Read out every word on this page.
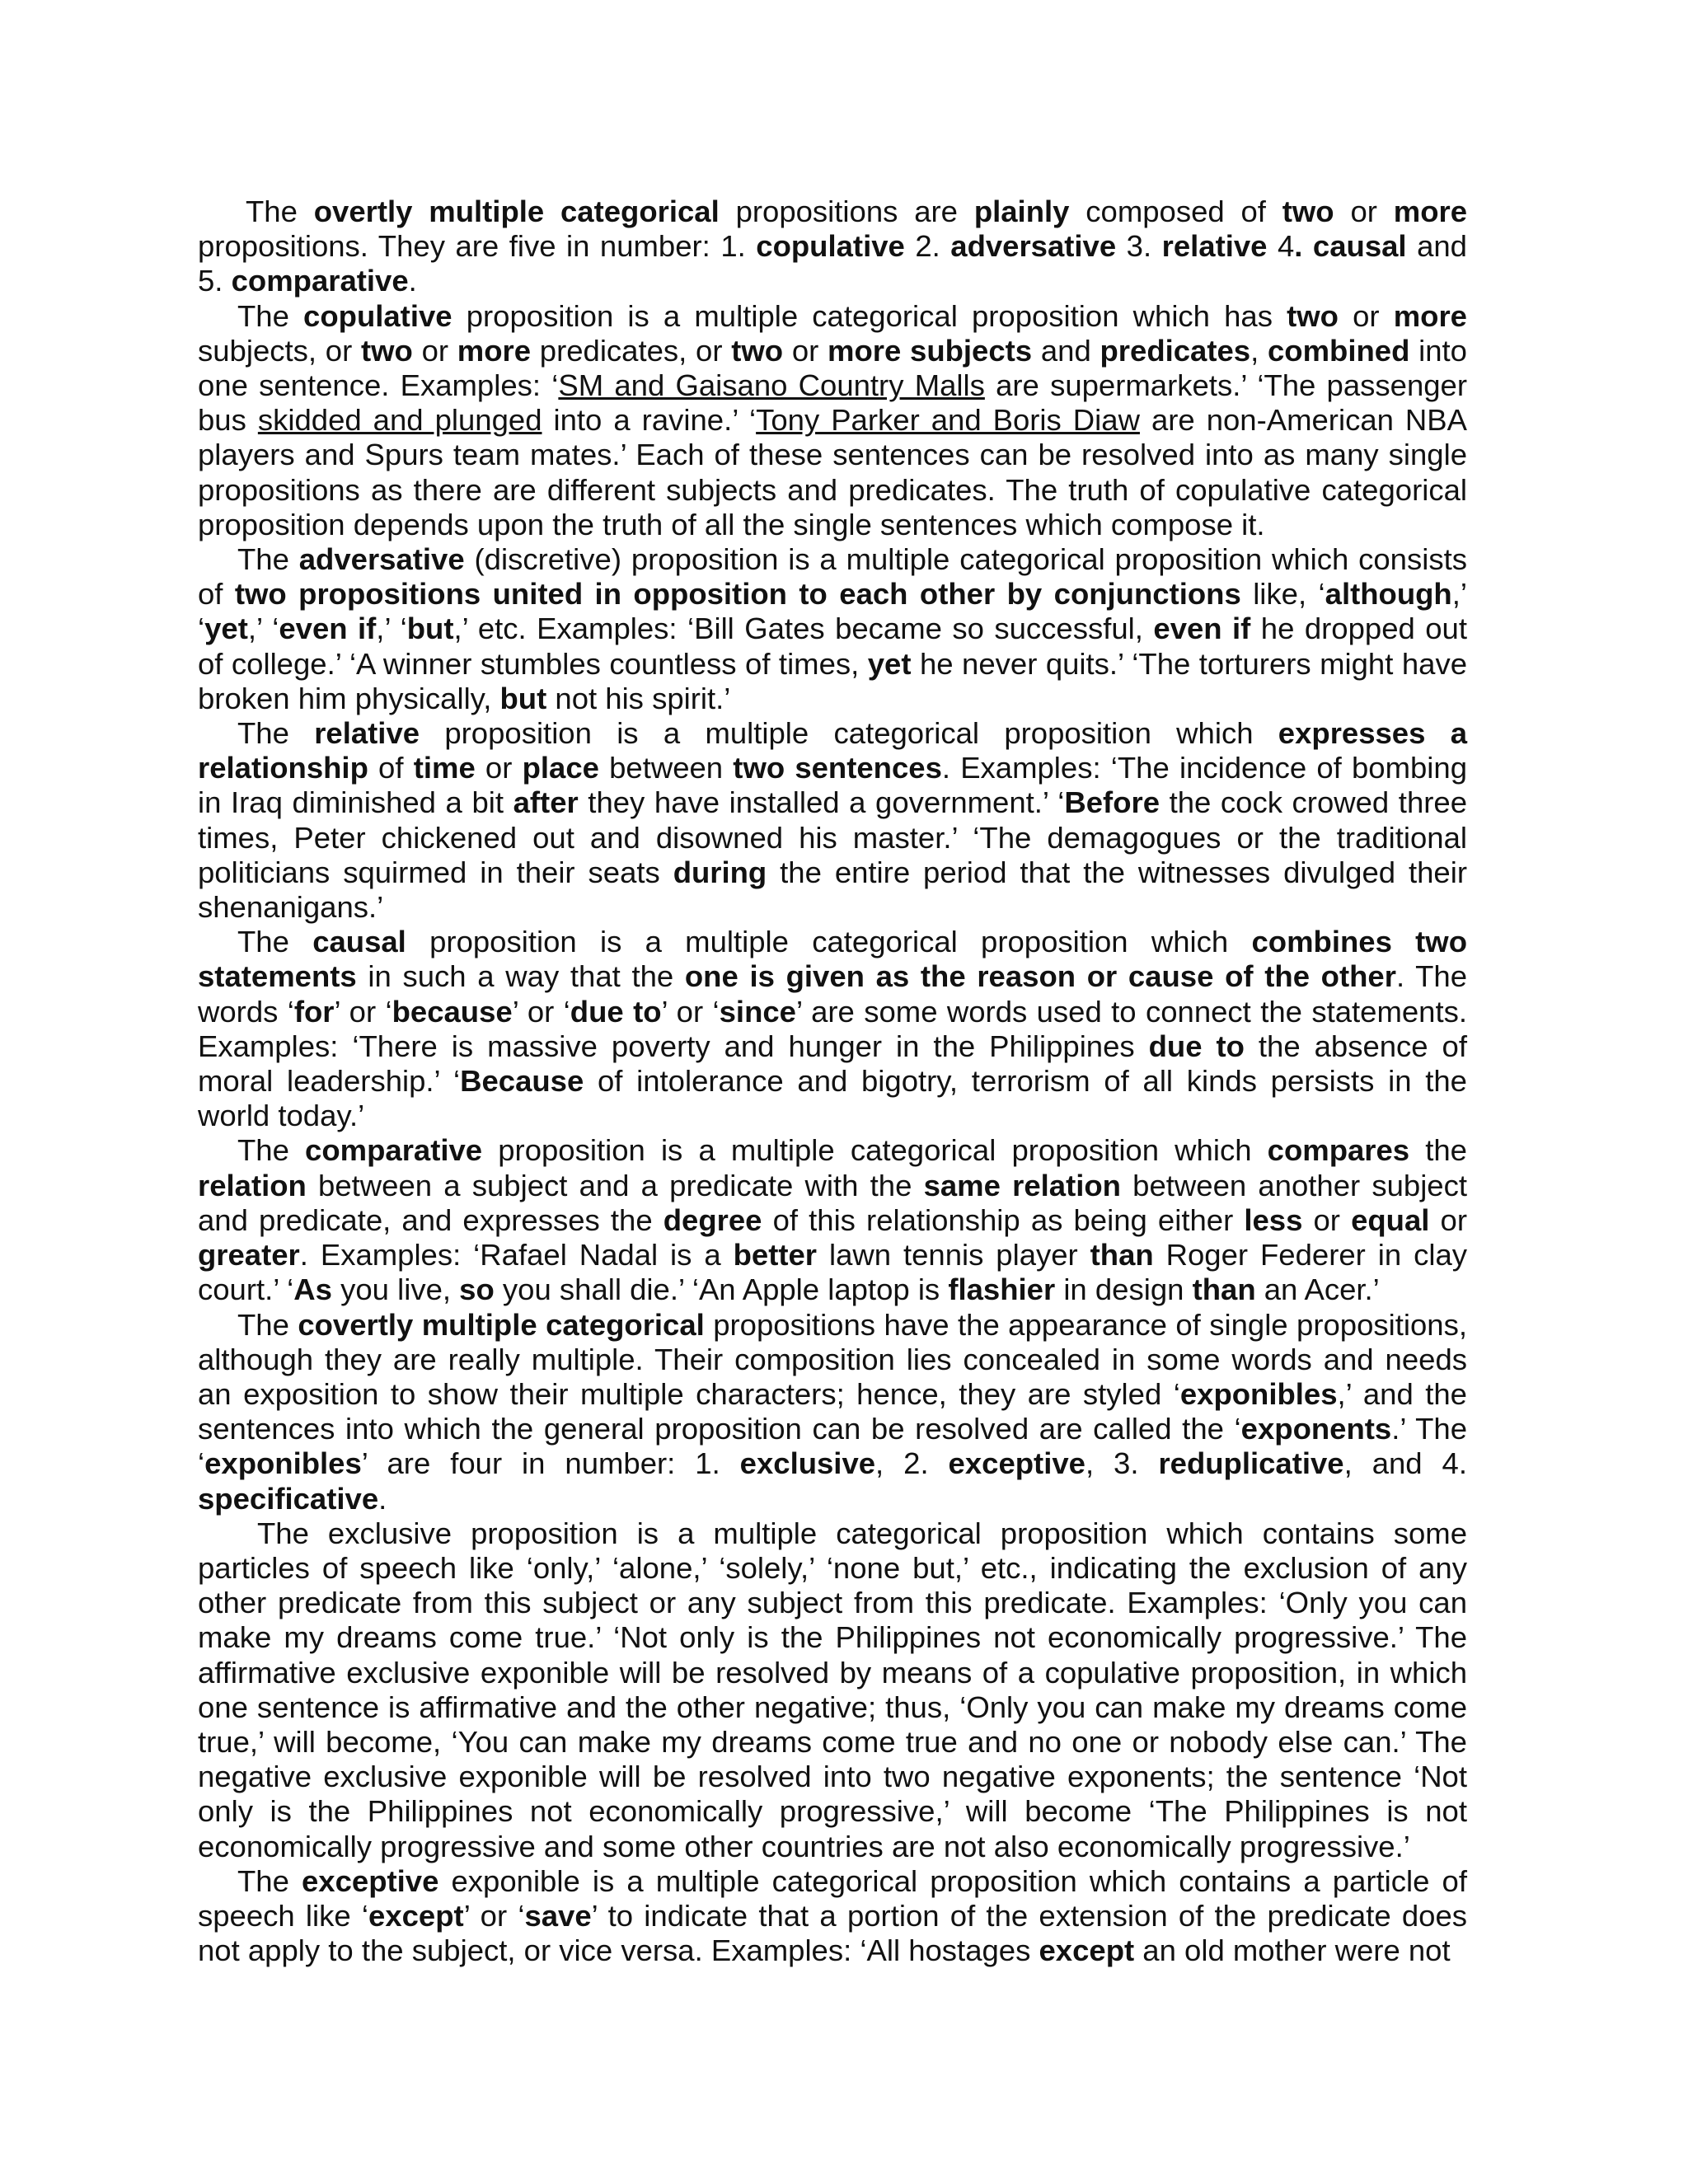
The overtly multiple categorical propositions are plainly composed of two or more propositions. They are five in number: 1. copulative 2. adversative 3. relative 4. causal and 5. comparative.

The copulative proposition is a multiple categorical proposition which has two or more subjects, or two or more predicates, or two or more subjects and predicates, combined into one sentence. Examples: ‘SM and Gaisano Country Malls are supermarkets.’ ‘The passenger bus skidded and plunged into a ravine.’ ‘Tony Parker and Boris Diaw are non-American NBA players and Spurs team mates.’ Each of these sentences can be resolved into as many single propositions as there are different subjects and predicates. The truth of copulative categorical proposition depends upon the truth of all the single sentences which compose it.

The adversative (discretive) proposition is a multiple categorical proposition which consists of two propositions united in opposition to each other by conjunctions like, ‘although,’ ‘yet,’ ‘even if,’ ‘but,’ etc. Examples: ‘Bill Gates became so successful, even if he dropped out of college.’ ‘A winner stumbles countless of times, yet he never quits.’ ‘The torturers might have broken him physically, but not his spirit.’

The relative proposition is a multiple categorical proposition which expresses a relationship of time or place between two sentences. Examples: ‘The incidence of bombing in Iraq diminished a bit after they have installed a government.’ ‘Before the cock crowed three times, Peter chickened out and disowned his master.’ ‘The demagogues or the traditional politicians squirmed in their seats during the entire period that the witnesses divulged their shenanigans.’

The causal proposition is a multiple categorical proposition which combines two statements in such a way that the one is given as the reason or cause of the other. The words ‘for’ or ‘because’ or ‘due to’ or ‘since’ are some words used to connect the statements. Examples: ‘There is massive poverty and hunger in the Philippines due to the absence of moral leadership.’ ‘Because of intolerance and bigotry, terrorism of all kinds persists in the world today.’

The comparative proposition is a multiple categorical proposition which compares the relation between a subject and a predicate with the same relation between another subject and predicate, and expresses the degree of this relationship as being either less or equal or greater. Examples: ‘Rafael Nadal is a better lawn tennis player than Roger Federer in clay court.’ ‘As you live, so you shall die.’ ‘An Apple laptop is flashier in design than an Acer.’

The covertly multiple categorical propositions have the appearance of single propositions, although they are really multiple. Their composition lies concealed in some words and needs an exposition to show their multiple characters; hence, they are styled ‘exponibles,’ and the sentences into which the general proposition can be resolved are called the ‘exponents.’ The ‘exponibles’ are four in number: 1. exclusive, 2. exceptive, 3. reduplicative, and 4. specificative.

The exclusive proposition is a multiple categorical proposition which contains some particles of speech like ‘only,’ ‘alone,’ ‘solely,’ ‘none but,’ etc., indicating the exclusion of any other predicate from this subject or any subject from this predicate. Examples: ‘Only you can make my dreams come true.’ ‘Not only is the Philippines not economically progressive.’ The affirmative exclusive exponible will be resolved by means of a copulative proposition, in which one sentence is affirmative and the other negative; thus, ‘Only you can make my dreams come true,’ will become, ‘You can make my dreams come true and no one or nobody else can.’ The negative exclusive exponible will be resolved into two negative exponents; the sentence ‘Not only is the Philippines not economically progressive,’ will become ‘The Philippines is not economically progressive and some other countries are not also economically progressive.’

The exceptive exponible is a multiple categorical proposition which contains a particle of speech like ‘except’ or ‘save’ to indicate that a portion of the extension of the predicate does not apply to the subject, or vice versa. Examples: ‘All hostages except an old mother were not
